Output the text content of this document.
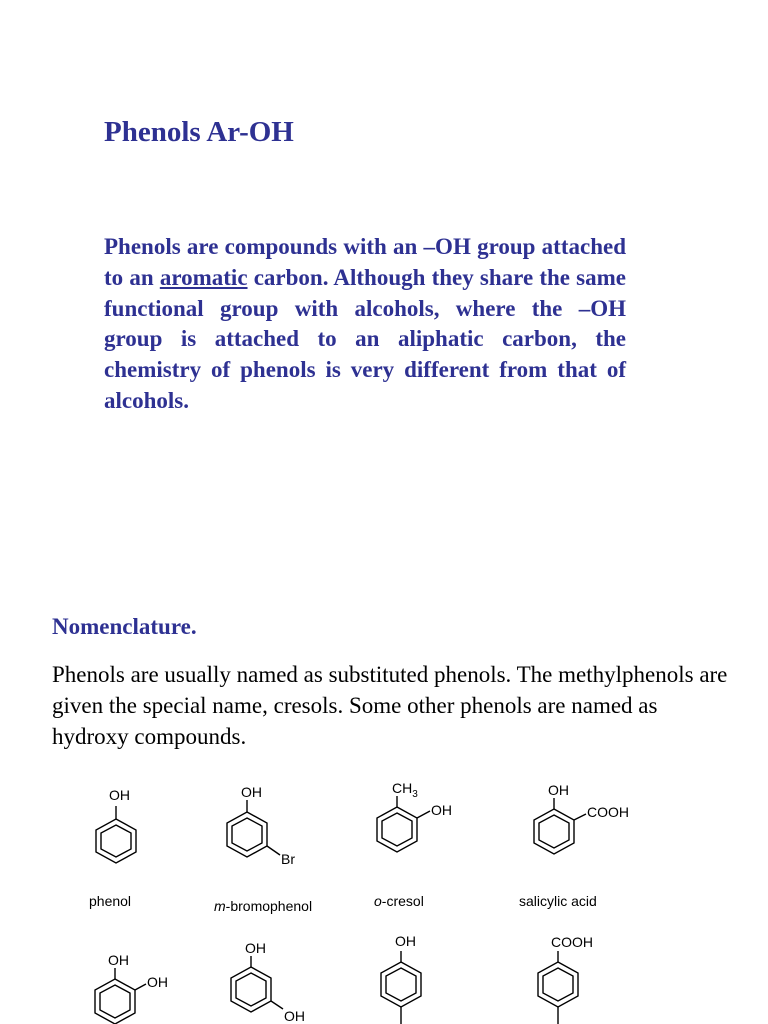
Phenols Ar-OH

Phenols are compounds with an –OH group attached to an aromatic carbon. Although they share the same functional group with alcohols, where the –OH group is attached to an aliphatic carbon, the chemistry of phenols is very different from that of alcohols.

Nomenclature.

Phenols are usually named as substituted phenols. The methylphenols are given the special name, cresols. Some other phenols are named as hydroxy compounds.

OH	OH
Br
$CH_3$
OH
OH
COOH
OH
OH
OH
OH
OH	COOH
phenol	m-bromophenol	o-cresol	salicylic acid
